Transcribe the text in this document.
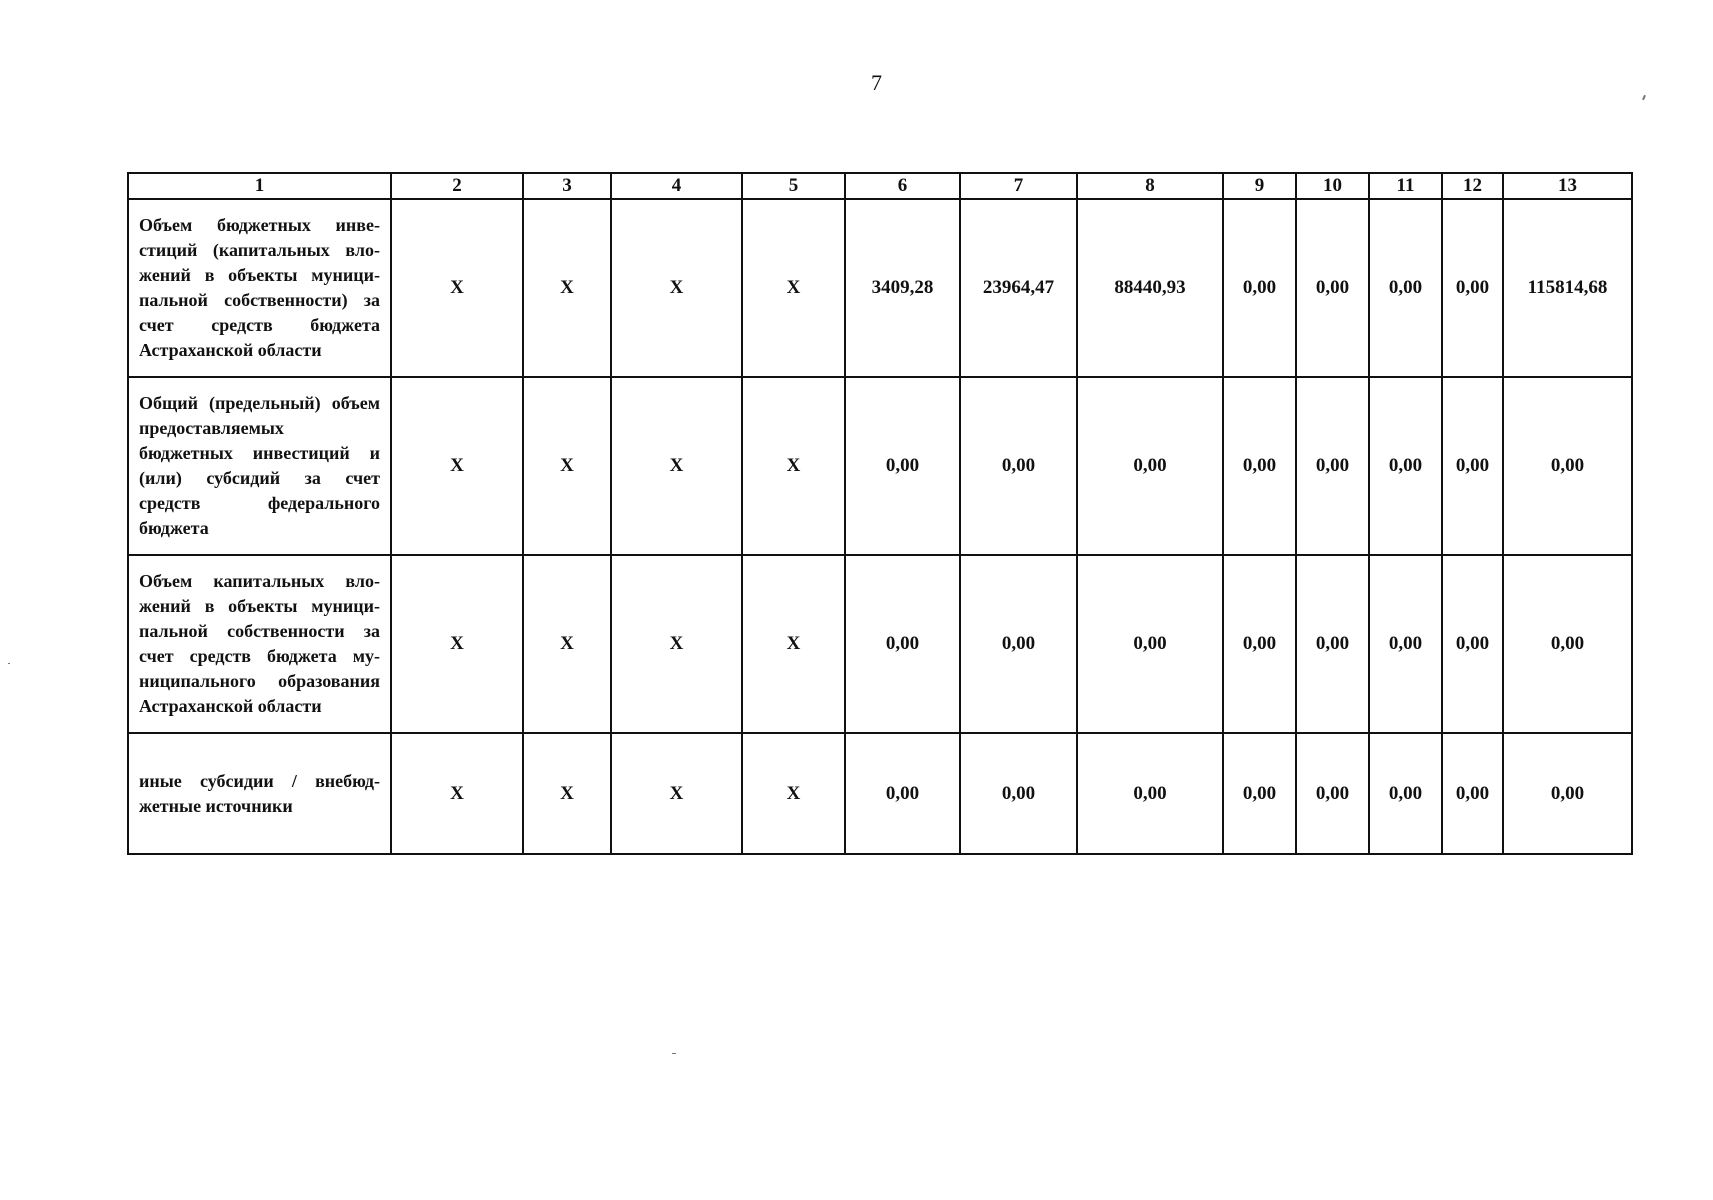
7
1	2	3	4	5	6	7	8	9	10	11	12	13
Объем бюджетных инве-стиций (капитальных вло-жений в объекты муници-пальной собственности) за счет средств бюджета Астраханской области	X	X	X	X	3409,28	23964,47	88440,93	0,00	0,00	0,00	0,00	115814,68
Общий (предельный) объем предоставляемых бюджетных инвестиций и (или) субсидий за счет средств федерального бюджета	X	X	X	X	0,00	0,00	0,00	0,00	0,00	0,00	0,00	0,00
Объем капитальных вло-жений в объекты муници-пальной собственности за счет средств бюджета му-ниципального образования Астраханской области	X	X	X	X	0,00	0,00	0,00	0,00	0,00	0,00	0,00	0,00
иные субсидии / внебюд-жетные источники	X	X	X	X	0,00	0,00	0,00	0,00	0,00	0,00	0,00	0,00
